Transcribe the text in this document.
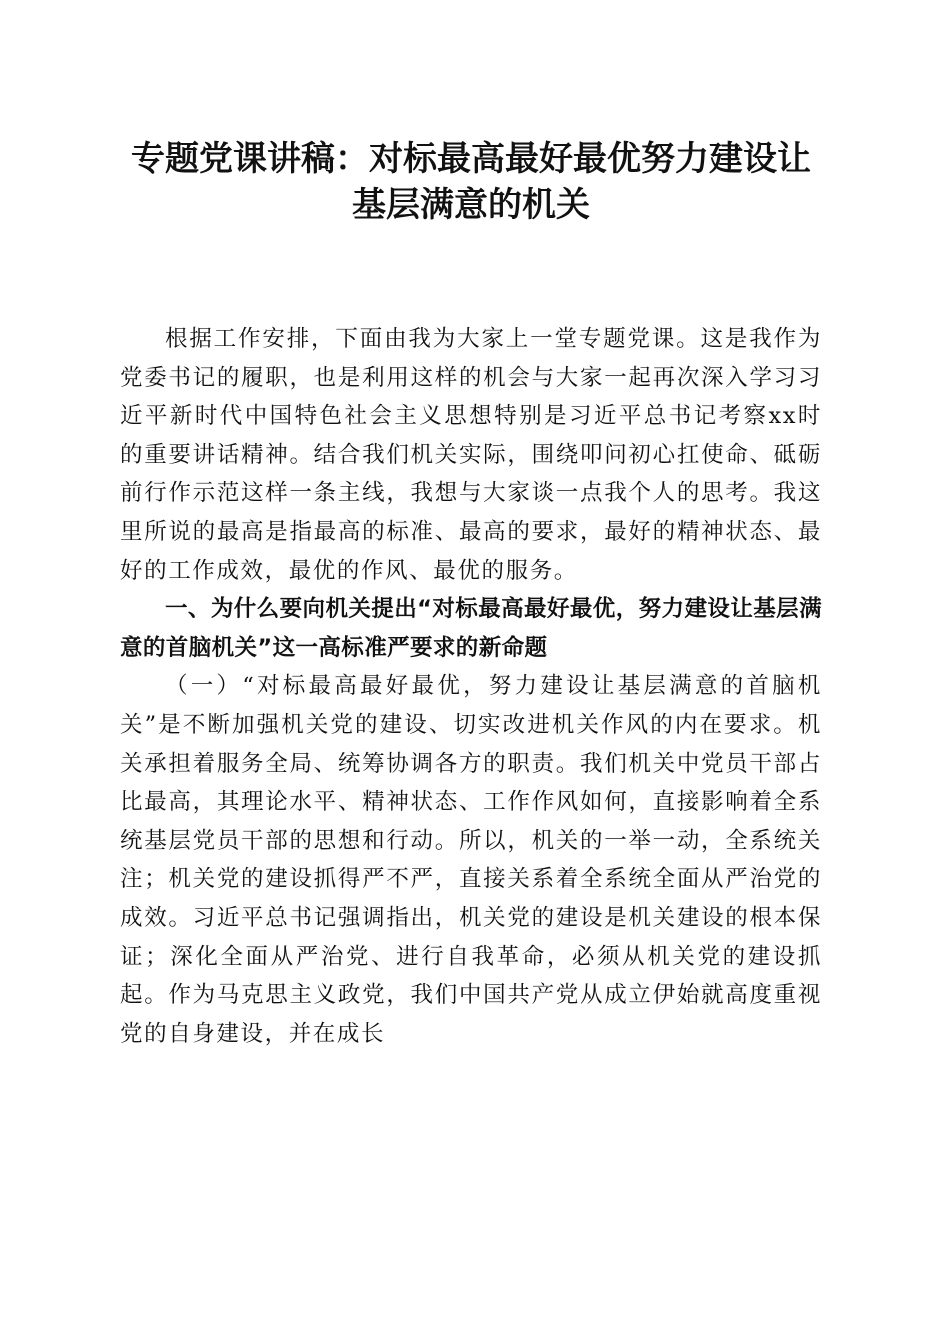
专题党课讲稿：对标最高最好最优努力建设让
基层满意的机关

根据工作安排，下面由我为大家上一堂专题党课。这是我作为党委书记的履职，也是利用这样的机会与大家一起再次深入学习习近平新时代中国特色社会主义思想特别是习近平总书记考察xx时的重要讲话精神。结合我们机关实际，围绕叩问初心扛使命、砥砺前行作示范这样一条主线，我想与大家谈一点我个人的思考。我这里所说的最高是指最高的标准、最高的要求，最好的精神状态、最好的工作成效，最优的作风、最优的服务。

一、为什么要向机关提出“对标最高最好最优，努力建设让基层满意的首脑机关”这一高标准严要求的新命题

（一）“对标最高最好最优，努力建设让基层满意的首脑机关”是不断加强机关党的建设、切实改进机关作风的内在要求。机关承担着服务全局、统筹协调各方的职责。我们机关中党员干部占比最高，其理论水平、精神状态、工作作风如何，直接影响着全系统基层党员干部的思想和行动。所以，机关的一举一动，全系统关注；机关党的建设抓得严不严，直接关系着全系统全面从严治党的成效。习近平总书记强调指出，机关党的建设是机关建设的根本保证；深化全面从严治党、进行自我革命，必须从机关党的建设抓起。作为马克思主义政党，我们中国共产党从成立伊始就高度重视党的自身建设，并在成长
